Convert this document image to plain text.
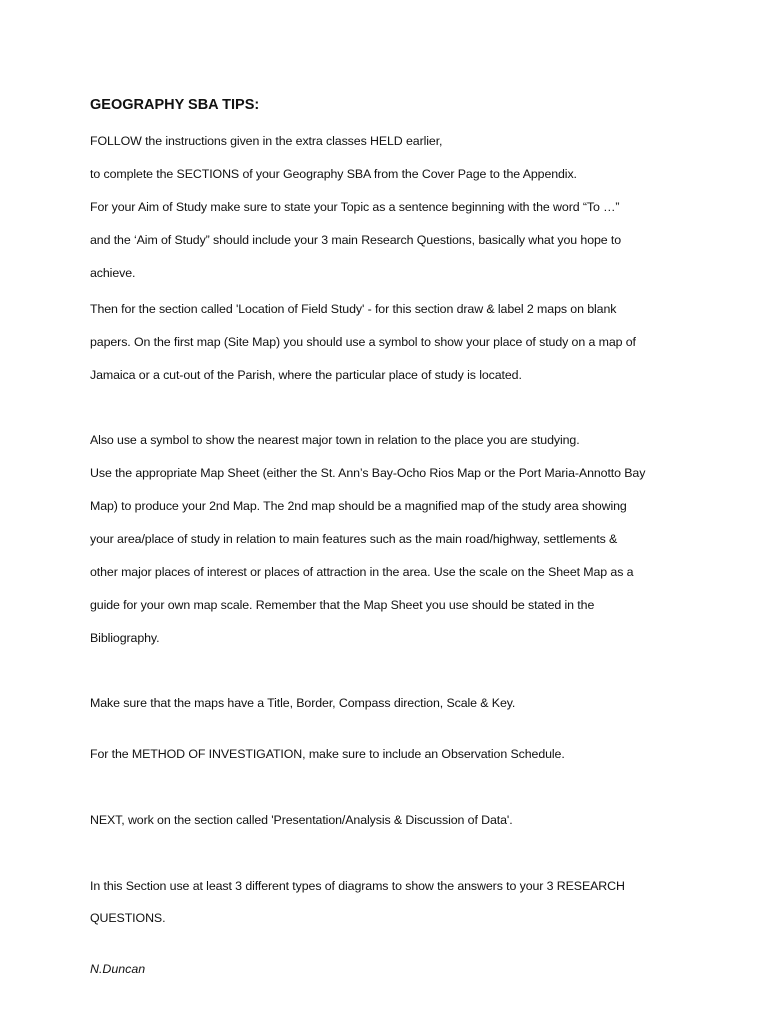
GEOGRAPHY SBA TIPS:
FOLLOW the instructions given in the extra classes HELD earlier,
to complete the SECTIONS of your Geography SBA from the Cover Page to the Appendix.
For your Aim of Study make sure to state your Topic as a sentence beginning with the word “To …”
and the ‘Aim of Study” should include your 3 main Research Questions, basically what you hope to
achieve.
Then for the section called 'Location of Field Study' - for this section draw & label 2 maps on blank
papers. On the first map (Site Map) you should use a symbol to show your place of study on a map of
Jamaica or a cut-out of the Parish, where the particular place of study is located.
Also use a symbol to show the nearest major town in relation to the place you are studying.
Use the appropriate Map Sheet (either the St. Ann’s Bay-Ocho Rios Map or the Port Maria-Annotto Bay
Map) to produce your 2nd Map. The 2nd map should be a magnified map of the study area showing
your area/place of study in relation to main features such as the main road/highway, settlements &
other major places of interest or places of attraction in the area. Use the scale on the Sheet Map as a
guide for your own map scale. Remember that the Map Sheet you use should be stated in the
Bibliography.
Make sure that the maps have a Title, Border, Compass direction, Scale & Key.
For the METHOD OF INVESTIGATION, make sure to include an Observation Schedule.
NEXT, work on the section called 'Presentation/Analysis & Discussion of Data'.
In this Section use at least 3 different types of diagrams to show the answers to your 3 RESEARCH
QUESTIONS.
N.Duncan
